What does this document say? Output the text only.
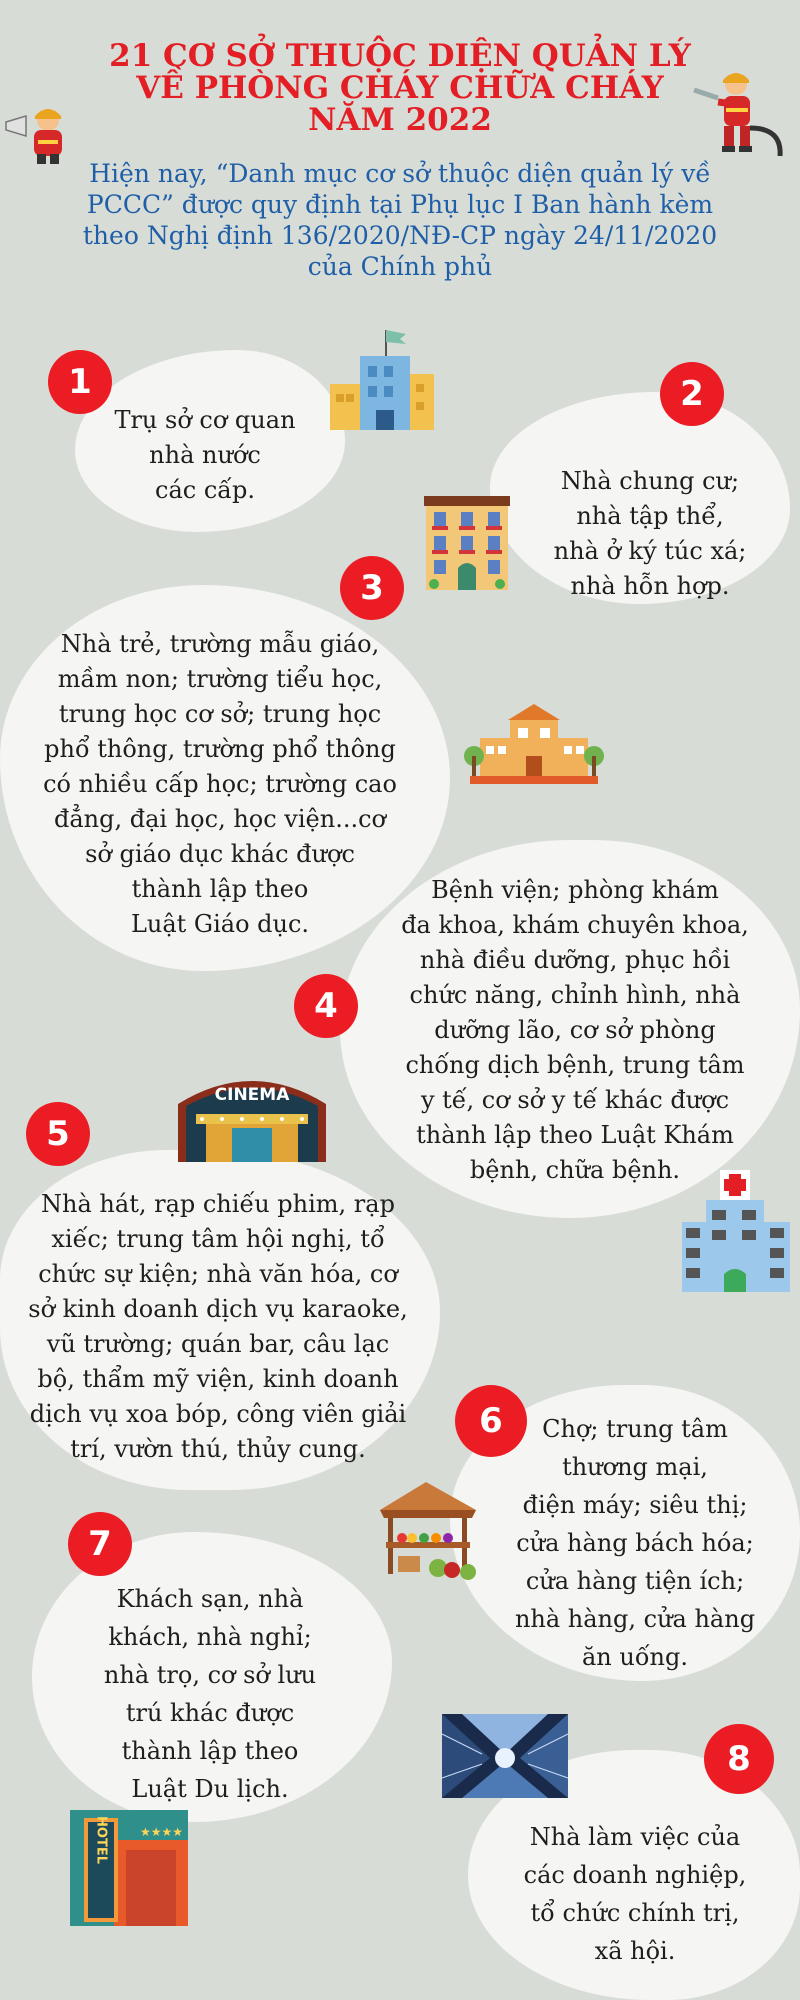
21 CƠ SỞ THUỘC DIỆN QUẢN LÝ
VỀ PHÒNG CHÁY CHỮA CHÁY
NĂM 2022
Hiện nay, “Danh mục cơ sở thuộc diện quản lý về
PCCC” được quy định tại Phụ lục I Ban hành kèm
theo Nghị định 136/2020/NĐ-CP ngày 24/11/2020
của Chính phủ
1
Trụ sở cơ quan
nhà nước
các cấp.
2
Nhà chung cư;
nhà tập thể,
nhà ở ký túc xá;
nhà hỗn hợp.
3
Nhà trẻ, trường mẫu giáo,
mầm non; trường tiểu học,
trung học cơ sở; trung học
phổ thông, trường phổ thông
có nhiều cấp học; trường cao
đẳng, đại học, học viện...cơ
sở giáo dục khác được
thành lập theo
Luật Giáo dục.
4
Bệnh viện; phòng khám
đa khoa, khám chuyên khoa,
nhà điều dưỡng, phục hồi
chức năng, chỉnh hình, nhà
dưỡng lão, cơ sở phòng
chống dịch bệnh, trung tâm
y tế, cơ sở y tế khác được
thành lập theo Luật Khám
bệnh, chữa bệnh.
5
CINEMA
Nhà hát, rạp chiếu phim, rạp
xiếc; trung tâm hội nghị, tổ
chức sự kiện; nhà văn hóa, cơ
sở kinh doanh dịch vụ karaoke,
vũ trường; quán bar, câu lạc
bộ, thẩm mỹ viện, kinh doanh
dịch vụ xoa bóp, công viên giải
trí, vườn thú, thủy cung.
6	Chợ; trung tâm
thương mại,
điện máy; siêu thị;
cửa hàng bách hóa;
cửa hàng tiện ích;
nhà hàng, cửa hàng
ăn uống.
7
Khách sạn, nhà
khách, nhà nghỉ;
nhà trọ, cơ sở lưu
trú khác được
thành lập theo
Luật Du lịch.
HOTEL	★★★★
8
Nhà làm việc của
các doanh nghiệp,
tổ chức chính trị,
xã hội.
